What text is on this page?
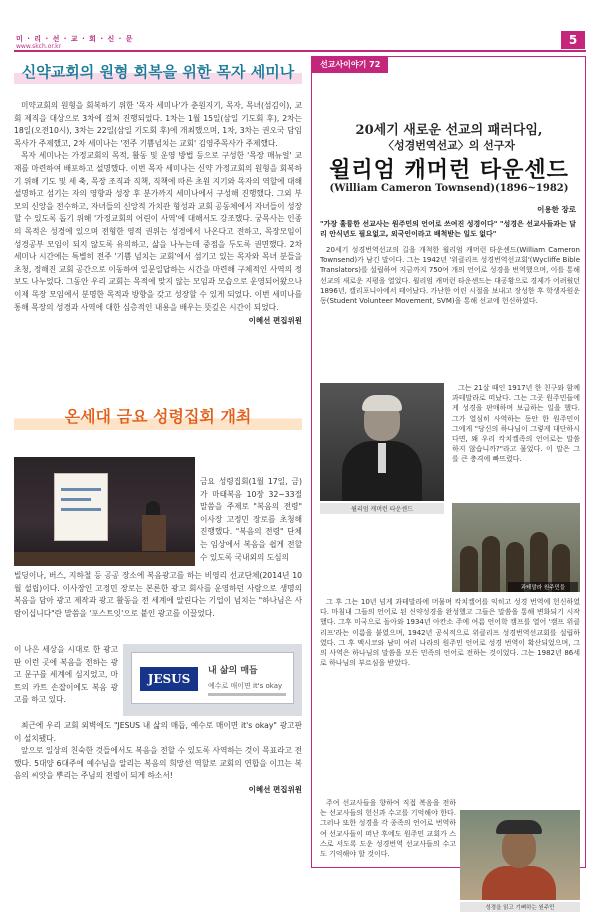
미 · 리 · 선 · 교 · 회 · 신 · 문
www.skch.or.kr	5
신약교회의 원형 회복을 위한 목자 세미나

미약교회의 원형을 회복하기 위한 '목자 세미나'가 춘원지기, 목자, 목녀(섬김이), 교회 제직을 대상으로 3차에 걸쳐 진행되었다. 1차는 1월 15일(삼일 기도회 후), 2차는 18일(오전10시), 3차는 22일(삼일 기도회 후)에 개최했으며, 1차, 3차는 권오국 담임목사가 주제했고, 2차 세미나는 '전주 기쁨넘치는 교회' 김영주목사가 주제했다.

목자 세미나는 가정교회의 목적, 활동 및 운영 방법 등으로 구성한 '목장 매뉴얼' 교재를 마련하여 배포하고 설명했다. 이번 목자 세미나는 신약 가정교회의 원형을 회복하기 위해 기도 및 세 축, 목장 조직과 직책, 직책에 따른 초원 지기와 목자의 역할에 대해 설명하고 섬기는 자의 영향과 성장 후 분가까지 세미나에서 구성해 진행했다. 그외 부모의 신앙을 전수하고, 자녀들의 신앙적 가치관 형성과 교회 공동체에서 자녀들이 성장할 수 있도록 돕기 위해 '가정교회의 어린이 사역'에 대해서도 강조했다. 궁목사는 인종의 목적은 성경에 있으며 전형한 영적 권위는 성경에서 나온다고 전하고, 목장모임이 성경공부 모임이 되지 않도록 유의하고, 삶을 나누는데 중점을 두도록 권면했다. 2차 세미나 시간에는 특별히 전주 '기쁨 넘치는 교회'에서 섬기고 있는 목자와 목녀 분들을 초청, 정해진 교회 공간으로 이동하여 일문일답하는 시간을 마련해 구체적인 사역의 정보도 나누었다. 그동안 우리 교회는 목적에 맞지 않는 모임과 모습으로 운영되어왔으나 이제 목장 모임에서 분명한 목적과 방향을 갖고 성장할 수 있게 되었다. 이번 세미나를 통해 목장의 성경과 사역에 대한 심층적인 내용을 배우는 뜻깊은 시간이 되었다.

이혜선 편집위원
온세대 금요 성령집회 개최
금요 성령집회(1월 17일, 금)가 마태복음 10장 32~33절 말씀을 주제로 "복음의 전령" 이사장 고정민 장로를 초청해 진행했다. "복음의 전령" 단체는 임상에서 복음을 쉽게 전할 수 있도록 국내외의 도심의
빌딩이나, 버스, 지하철 등 공공 장소에 복음광고를 하는 비영리 선교단체(2014년 10월 설립)이다. 이사장인 고정민 장로는 본론한 광고 회사를 운영하던 사람으로 생명의 복음을 담아 광고 제작과 광고 활동을 전 세계에 알린다는 기업이 넘치는 "하나님은 사람이십니다"란 말씀을 '포스트잇'으로 붙인 광고를 이끌었다.
이 나은 세상을 시대로 한 광고판 이런 곳에 복음을 전하는 광고 문구를 세계에 심지었고, 마트의 카트 손잡이에도 복음 광고를 하고 있다.
JESUS
내 삶의 매듭
예수로 매이면 it's okay

최근에 우리 교회 외벽에도 "JESUS 내 삶의 매듭, 예수로 매이면 it's okay" 광고판이 설치됐다.

앞으로 일상의 친숙한 것들에서도 복음을 전할 수 있도록 사역하는 것이 목표라고 전했다. 5대양 6대주에 예수님을 알리는 복음의 희망선 역할로 교회의 연합을 이끄는 복음의 씨앗을 뿌리는 주님의 전령이 되게 하소서!

이혜선 편집위원
선교사이야기 72
20세기 새로운 선교의 패러다임,
〈성경번역선교〉의 선구자
윌리엄 캐머런 타운센드
(William Cameron Townsend)(1896~1982)
이용한 장로
"가장 훌륭한 선교사는 원주민의 언어로 쓰여진 성경이다" "성경은 선교사들과는 달리 안식년도 필요없고, 외국인이라고 배척받는 일도 없다"

20세기 성경번역선교의 길을 개척한 윌리엄 캐머런 타운센드(William Cameron Townsend)가 남긴 말이다. 그는 1942년 '위클리프 성경번역선교회'(Wycliffe Bible Translators)를 설립하여 지금까지 750여 개의 언어로 성경을 번역했으며, 이를 통해 선교의 새로운 지평을 열었다. 윌리엄 캐머런 타운센드는 대공황으로 경제가 어려웠던 1896년, 캘리포니아에서 태어났다. 가난한 어린 시절을 보내고 장성한 후 학생자원운동(Student Volunteer Movement, SVM)을 통해 선교에 헌신하였다.

윌리엄 캐머런 타운센드

그는 21살 때인 1917년 한 친구와 함께 과테말라로 떠났다. 그는 그곳 원주민들에게 성경을 판매하며 보급하는 일을 했다. 그가 열심히 사역하는 동안 한 원주민이 그에게 "당신의 하나님이 그렇게 대단하시다면, 왜 우리 칵치켈족의 언어로는 말씀하지 않습니까?"라고 물었다. 이 말은 그를 큰 충격에 빠뜨렸다.

과테말라 원주민들

그 후 그는 10년 넘게 과테말라에 머물며 칵치켈어를 익히고 성경 번역에 헌신하였다. 마침내 그들의 언어로 된 신약성경을 완성했고 그들은 말씀을 통해 변화되기 시작했다. 그후 미국으로 돌아와 1934년 아칸소 주에 여름 언어학 캠프를 열어 '캠프 위클리프'라는 이름을 붙였으며, 1942년 공식적으로 위클리프 성경번역선교회를 설립하였다. 그 후 멕시코와 남미 여러 나라의 원주민 언어로 성경 번역이 확산되었으며, 그의 사역은 하나님의 말씀을 모든 민족의 언어로 전하는 것이었다. 그는 1982년 86세로 하나님의 부르심을 받았다.

주여 선교사들을 향하여 직접 복음을 전하는 선교사들의 헌신과 수고를 기억해야 한다. 그러나 또한 성경을 각 종족의 언어로 번역하여 선교사들이 떠난 후에도 원주민 교회가 스스로 서도록 도운 성경번역 선교사들의 수고도 기억해야 할 것이다.

성경을 읽고 기뻐하는 원주민
